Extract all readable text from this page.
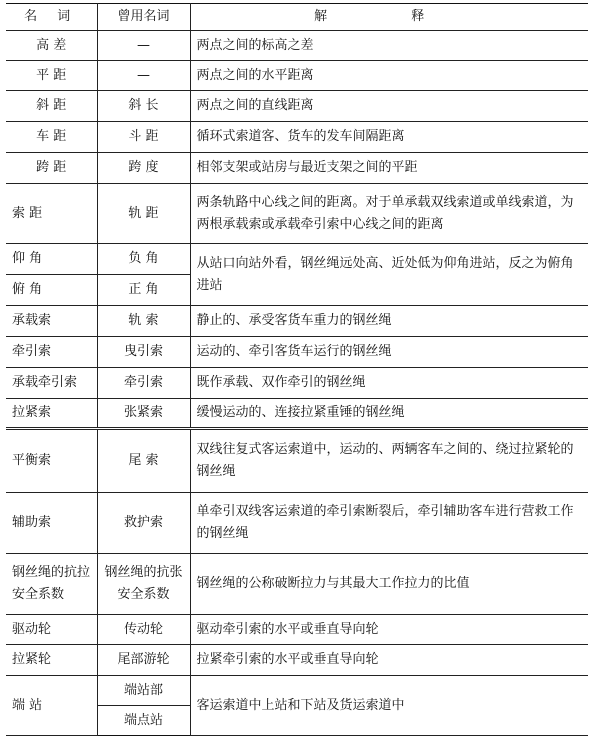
名 词	曾用名词	解 释
高 差	—	两点之间的标高之差
平 距	—	两点之间的水平距离
斜 距	斜 长	两点之间的直线距离
车 距	斗 距	循环式索道客、货车的发车间隔距离
跨 距	跨 度	相邻支架或站房与最近支架之间的平距
索 距	轨 距	两条轨路中心线之间的距离。对于单承载双线索道或单线索道，为两根承载索或承载牵引索中心线之间的距离
仰 角	负 角	从站口向站外看，钢丝绳远处高、近处低为仰角进站，反之为俯角进站
俯 角	正 角	
承载索	轨 索	静止的、承受客货车重力的钢丝绳
牵引索	曳引索	运动的、牵引客货车运行的钢丝绳
承载牵引索	牵引索	既作承载、双作牵引的钢丝绳
拉紧索	张紧索	缓慢运动的、连接拉紧重锤的钢丝绳
平衡索	尾 索	双线往复式客运索道中，运动的、两辆客车之间的、绕过拉紧轮的钢丝绳
辅助索	救护索	单牵引双线客运索道的牵引索断裂后，牵引辅助客车进行营救工作的钢丝绳
钢丝绳的抗拉安全系数	钢丝绳的抗张安全系数	钢丝绳的公称破断拉力与其最大工作拉力的比值
驱动轮	传动轮	驱动牵引索的水平或垂直导向轮
拉紧轮	尾部游轮	拉紧牵引索的水平或垂直导向轮
端 站	端站部	客运索道中上站和下站及货运索道中
	端点站	
